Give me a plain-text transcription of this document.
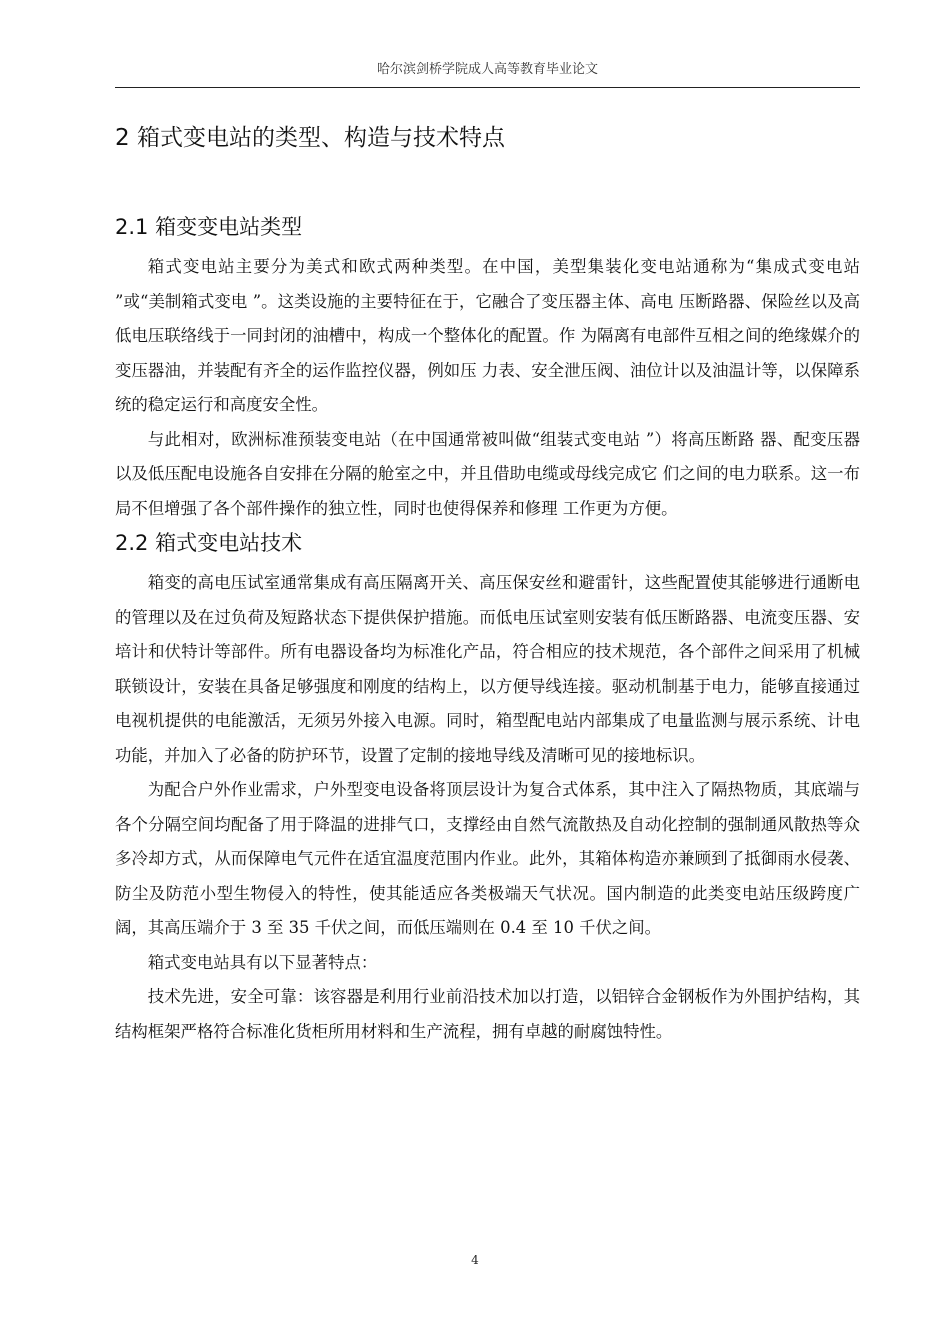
哈尔滨剑桥学院成人高等教育毕业论文
2 箱式变电站的类型、构造与技术特点
2.1 箱变变电站类型

箱式变电站主要分为美式和欧式两种类型。在中国，美型集装化变电站通称为“集成式变电站 ”或“美制箱式变电 ”。这类设施的主要特征在于，它融合了变压器主体、高电 压断路器、保险丝以及高低电压联络线于一同封闭的油槽中，构成一个整体化的配置。作 为隔离有电部件互相之间的绝缘媒介的变压器油，并装配有齐全的运作监控仪器，例如压 力表、安全泄压阀、油位计以及油温计等，以保障系统的稳定运行和高度安全性。

与此相对，欧洲标准预装变电站（在中国通常被叫做“组装式变电站 ”）将高压断路 器、配变压器以及低压配电设施各自安排在分隔的舱室之中，并且借助电缆或母线完成它 们之间的电力联系。这一布局不但增强了各个部件操作的独立性，同时也使得保养和修理 工作更为方便。

2.2 箱式变电站技术

箱变的高电压试室通常集成有高压隔离开关、高压保安丝和避雷针，这些配置使其能够进行通断电的管理以及在过负荷及短路状态下提供保护措施。而低电压试室则安装有低压断路器、电流变压器、安培计和伏特计等部件。所有电器设备均为标准化产品，符合相应的技术规范，各个部件之间采用了机械联锁设计，安装在具备足够强度和刚度的结构上，以方便导线连接。驱动机制基于电力，能够直接通过电视机提供的电能激活，无须另外接入电源。同时，箱型配电站内部集成了电量监测与展示系统、计电功能，并加入了必备的防护环节，设置了定制的接地导线及清晰可见的接地标识。

为配合户外作业需求，户外型变电设备将顶层设计为复合式体系，其中注入了隔热物质，其底端与各个分隔空间均配备了用于降温的进排气口，支撑经由自然气流散热及自动化控制的强制通风散热等众多冷却方式，从而保障电气元件在适宜温度范围内作业。此外，其箱体构造亦兼顾到了抵御雨水侵袭、防尘及防范小型生物侵入的特性，使其能适应各类极端天气状况。国内制造的此类变电站压级跨度广阔，其高压端介于 3 至 35 千伏之间，而低压端则在 0.4 至 10 千伏之间。

箱式变电站具有以下显著特点：

技术先进，安全可靠：该容器是利用行业前沿技术加以打造，以铝锌合金钢板作为外围护结构，其结构框架严格符合标准化货柜所用材料和生产流程，拥有卓越的耐腐蚀特性。

4
